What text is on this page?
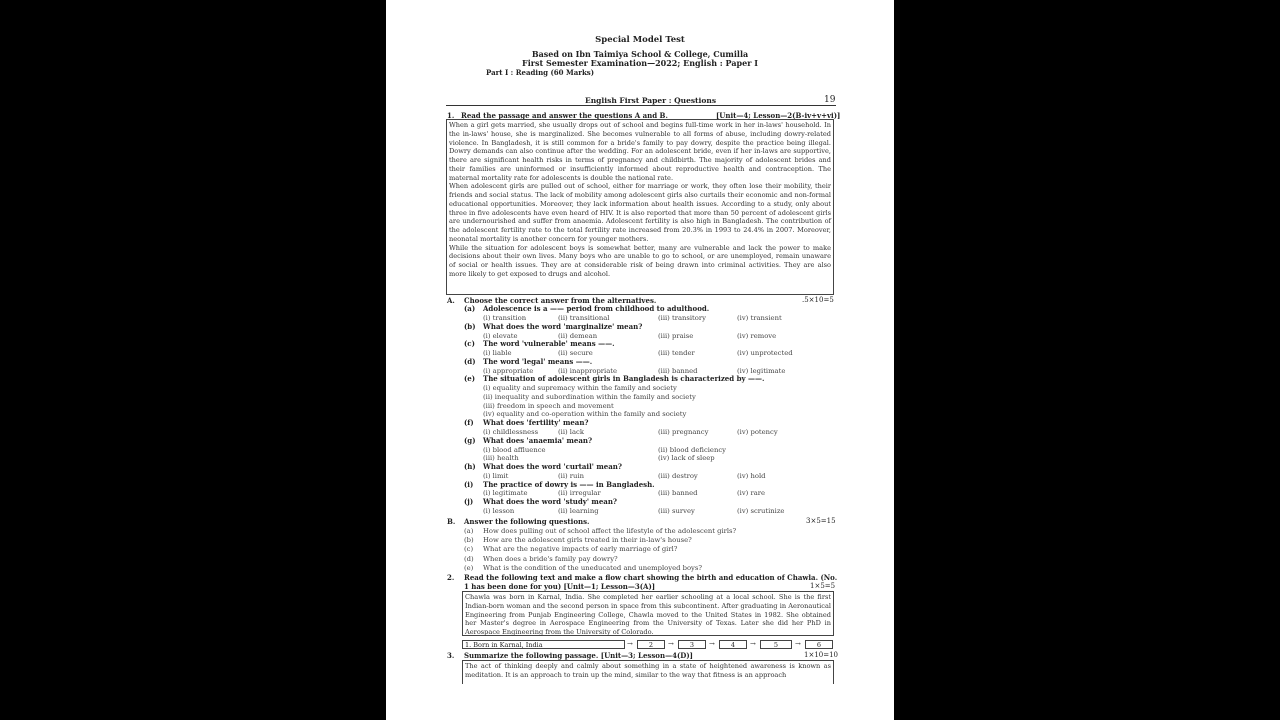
Special Model Test
Based on Ibn Taimiya School & College, Cumilla
First Semester Examination—2022; English : Paper I
Part I : Reading (60 Marks)
English First Paper : Questions	19
1. Read the passage and answer the questions A and B.	[Unit—4; Lesson—2(B-iv+v+vi)]

When a girl gets married, she usually drops out of school and begins full-time work in her in-laws' household. In the in-laws' house, she is marginalized. She becomes vulnerable to all forms of abuse, including dowry-related violence. In Bangladesh, it is still common for a bride's family to pay dowry, despite the practice being illegal. Dowry demands can also continue after the wedding. For an adolescent bride, even if her in-laws are supportive, there are significant health risks in terms of pregnancy and childbirth. The majority of adolescent brides and their families are uninformed or insufficiently informed about reproductive health and contraception. The maternal mortality rate for adolescents is double the national rate.

When adolescent girls are pulled out of school, either for marriage or work, they often lose their mobility, their friends and social status. The lack of mobility among adolescent girls also curtails their economic and non-formal educational opportunities. Moreover, they lack information about health issues. According to a study, only about three in five adolescents have even heard of HIV. It is also reported that more than 50 percent of adolescent girls are undernourished and suffer from anaemia. Adolescent fertility is also high in Bangladesh. The contribution of the adolescent fertility rate to the total fertility rate increased from 20.3% in 1993 to 24.4% in 2007. Moreover, neonatal mortality is another concern for younger mothers.

While the situation for adolescent boys is somewhat better, many are vulnerable and lack the power to make decisions about their own lives. Many boys who are unable to go to school, or are unemployed, remain unaware of social or health issues. They are at considerable risk of being drawn into criminal activities. They are also more likely to get exposed to drugs and alcohol.

A. Choose the correct answer from the alternatives.	.5×10=5
(a) Adolescence is a —— period from childhood to adulthood.
(i) transition	(ii) transitional	(iii) transitory	(iv) transient
(b) What does the word 'marginalize' mean?
(i) elevate	(ii) demean	(iii) praise	(iv) remove
(c) The word 'vulnerable' means ——.
(i) liable	(ii) secure	(iii) tender	(iv) unprotected
(d) The word 'legal' means ——.
(i) appropriate	(ii) inappropriate	(iii) banned	(iv) legitimate
(e) The situation of adolescent girls in Bangladesh is characterized by ——.
(i) equality and supremacy within the family and society
(ii) inequality and subordination within the family and society
(iii) freedom in speech and movement
(iv) equality and co-operation within the family and society
(f) What does 'fertility' mean?
(i) childlessness	(ii) lack	(iii) pregnancy	(iv) potency
(g) What does 'anaemia' mean?
(i) blood affluence	(ii) blood deficiency
(iii) health	(iv) lack of sleep
(h) What does the word 'curtail' mean?
(i) limit	(ii) ruin	(iii) destroy	(iv) hold
(i) The practice of dowry is —— in Bangladesh.
(i) legitimate	(ii) irregular	(iii) banned	(iv) rare
(j) What does the word 'study' mean?
(i) lesson	(ii) learning	(iii) survey	(iv) scrutinize
B. Answer the following questions.	3×5=15
(a) How does pulling out of school affect the lifestyle of the adolescent girls?
(b) How are the adolescent girls treated in their in-law's house?
(c) What are the negative impacts of early marriage of girl?
(d) When does a bride's family pay dowry?
(e) What is the condition of the uneducated and unemployed boys?
2. Read the following text and make a flow chart showing the birth and education of Chawla. (No.
1 has been done for you) [Unit—1; Lesson—3(A)]	1×5=5

Chawla was born in Karnal, India. She completed her earlier schooling at a local school. She is the first Indian-born woman and the second person in space from this subcontinent. After graduating in Aeronautical Engineering from Punjab Engineering College, Chawla moved to the United States in 1982. She obtained her Master's degree in Aerospace Engineering from the University of Texas. Later she did her PhD in Aerospace Engineering from the University of Colorado.

1. Born in Karnal, India	→	2	→	3	→	4	→	5	→	6
3. Summarize the following passage. [Unit—3; Lesson—4(D)]	1×10=10

The act of thinking deeply and calmly about something in a state of heightened awareness is known as meditation. It is an approach to train up the mind, similar to the way that fitness is an approach
